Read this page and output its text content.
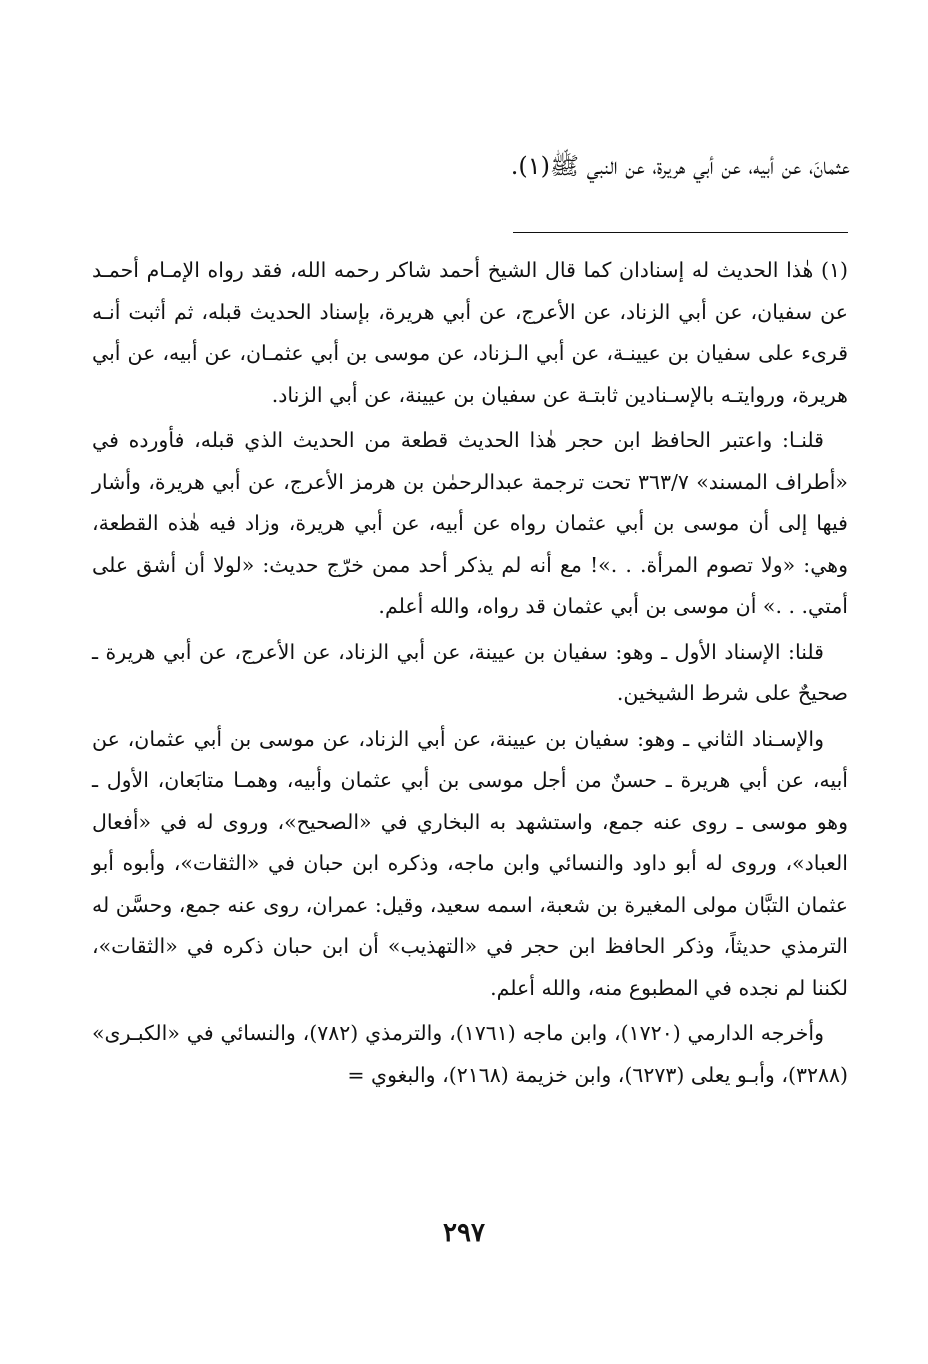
عثمانَ، عن أبيه، عن أبي هريرة، عن النبي ﷺ(١).

(١) هٰذا الحديث له إسنادان كما قال الشيخ أحمد شاكر رحمه الله، فقد رواه الإمـام أحمـد عن سفيان، عن أبي الزناد، عن الأعرج، عن أبي هريرة، بإسناد الحديث قبله، ثم أثبت أنـه قرىء على سفيان بن عيينـة، عن أبي الـزناد، عن موسى بن أبي عثمـان، عن أبيه، عن أبي هريرة، وروايتـه بالإسـنادين ثابتـة عن سفيان بن عيينة، عن أبي الزناد.

قلنـا: واعتبر الحافظ ابن حجر هٰذا الحديث قطعة من الحديث الذي قبله، فأورده في «أطراف المسند» ٣٦٣/٧ تحت ترجمة عبدالرحمٰن بن هرمز الأعرج، عن أبي هريرة، وأشار فيها إلى أن موسى بن أبي عثمان رواه عن أبيه، عن أبي هريرة، وزاد فيه هٰذه القطعة، وهي: «ولا تصوم المرأة. . .»! مع أنه لم يذكر أحد ممن خرّج حديث: «لولا أن أشق على أمتي. . .» أن موسى بن أبي عثمان قد رواه، والله أعلم.

قلنا: الإسناد الأول ـ وهو: سفيان بن عيينة، عن أبي الزناد، عن الأعرج، عن أبي هريرة ـ صحيحٌ على شرط الشيخين.

والإسـناد الثاني ـ وهو: سفيان بن عيينة، عن أبي الزناد، عن موسى بن أبي عثمان، عن أبيه، عن أبي هريرة ـ حسنٌ من أجل موسى بن أبي عثمان وأبيه، وهمـا متابَعان، الأول ـ وهو موسى ـ روى عنه جمع، واستشهد به البخاري في «الصحيح»، وروى له في «أفعال العباد»، وروى له أبو داود والنسائي وابن ماجه، وذكره ابن حبان في «الثقات»، وأبوه أبو عثمان التبَّان مولى المغيرة بن شعبة، اسمه سعيد، وقيل: عمران، روى عنه جمع، وحسَّن له الترمذي حديثاً، وذكر الحافظ ابن حجر في «التهذيب» أن ابن حبان ذكره في «الثقات»، لكننا لم نجده في المطبوع منه، والله أعلم.

وأخرجه الدارمي (١٧٢٠)، وابن ماجه (١٧٦١)، والترمذي (٧٨٢)، والنسائي في «الكبـرى» (٣٢٨٨)، وأبـو يعلى (٦٢٧٣)، وابن خزيمة (٢١٦٨)، والبغوي =

٢٩٧
